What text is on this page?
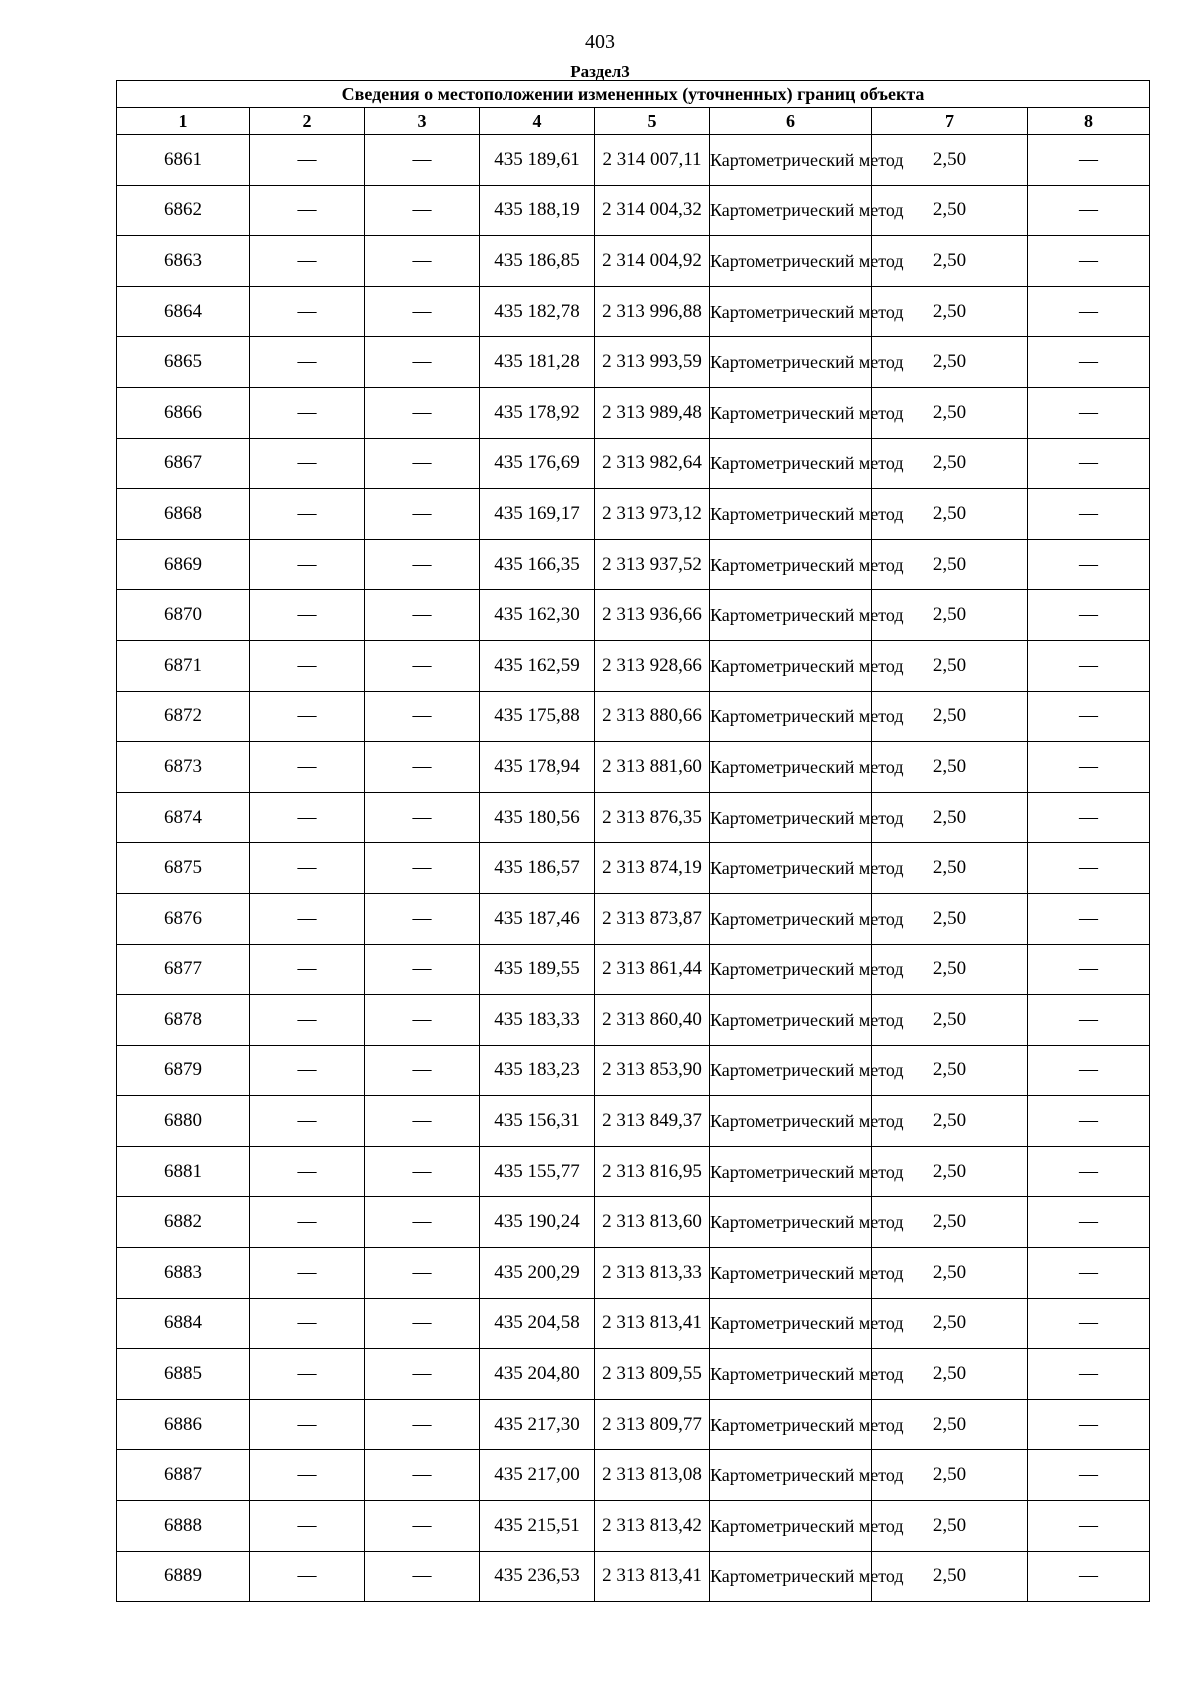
403
Раздел3
Сведения о местоположении измененных (уточненных) границ объекта							
1	2	3	4	5	6	7	8
6861	—	—	435 189,61	2 314 007,11	Картометрический метод	2,50	—
6862	—	—	435 188,19	2 314 004,32	Картометрический метод	2,50	—
6863	—	—	435 186,85	2 314 004,92	Картометрический метод	2,50	—
6864	—	—	435 182,78	2 313 996,88	Картометрический метод	2,50	—
6865	—	—	435 181,28	2 313 993,59	Картометрический метод	2,50	—
6866	—	—	435 178,92	2 313 989,48	Картометрический метод	2,50	—
6867	—	—	435 176,69	2 313 982,64	Картометрический метод	2,50	—
6868	—	—	435 169,17	2 313 973,12	Картометрический метод	2,50	—
6869	—	—	435 166,35	2 313 937,52	Картометрический метод	2,50	—
6870	—	—	435 162,30	2 313 936,66	Картометрический метод	2,50	—
6871	—	—	435 162,59	2 313 928,66	Картометрический метод	2,50	—
6872	—	—	435 175,88	2 313 880,66	Картометрический метод	2,50	—
6873	—	—	435 178,94	2 313 881,60	Картометрический метод	2,50	—
6874	—	—	435 180,56	2 313 876,35	Картометрический метод	2,50	—
6875	—	—	435 186,57	2 313 874,19	Картометрический метод	2,50	—
6876	—	—	435 187,46	2 313 873,87	Картометрический метод	2,50	—
6877	—	—	435 189,55	2 313 861,44	Картометрический метод	2,50	—
6878	—	—	435 183,33	2 313 860,40	Картометрический метод	2,50	—
6879	—	—	435 183,23	2 313 853,90	Картометрический метод	2,50	—
6880	—	—	435 156,31	2 313 849,37	Картометрический метод	2,50	—
6881	—	—	435 155,77	2 313 816,95	Картометрический метод	2,50	—
6882	—	—	435 190,24	2 313 813,60	Картометрический метод	2,50	—
6883	—	—	435 200,29	2 313 813,33	Картометрический метод	2,50	—
6884	—	—	435 204,58	2 313 813,41	Картометрический метод	2,50	—
6885	—	—	435 204,80	2 313 809,55	Картометрический метод	2,50	—
6886	—	—	435 217,30	2 313 809,77	Картометрический метод	2,50	—
6887	—	—	435 217,00	2 313 813,08	Картометрический метод	2,50	—
6888	—	—	435 215,51	2 313 813,42	Картометрический метод	2,50	—
6889	—	—	435 236,53	2 313 813,41	Картометрический метод	2,50	—
